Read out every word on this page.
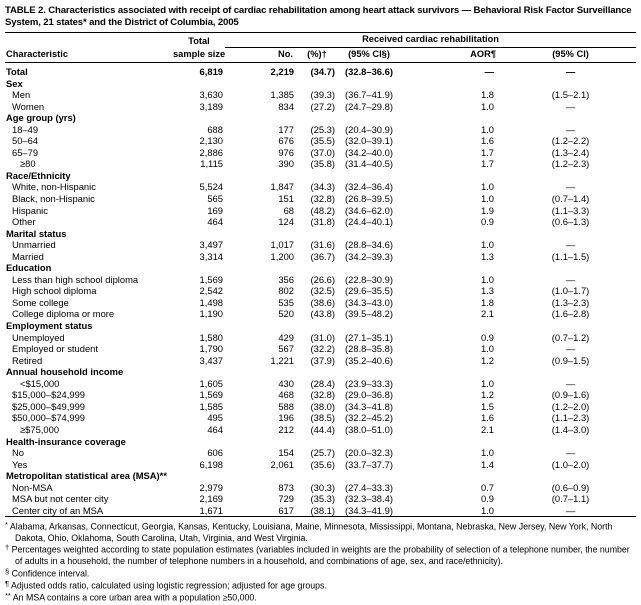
TABLE 2. Characteristics associated with receipt of cardiac rehabilitation among heart attack survivors — Behavioral Risk Factor Surveillance System, 21 states* and the District of Columbia, 2005
	Total	Received cardiac rehabilitation				
Characteristic	sample size	No.	(%)†	(95% CI§)	AOR¶	(95% CI)
Total	6,819	2,219	(34.7)	(32.8–36.6)	—	—
Sex						
Men	3,630	1,385	(39.3)	(36.7–41.9)	1.8	(1.5–2.1)
Women	3,189	834	(27.2)	(24.7–29.8)	1.0	—
Age group (yrs)						
18–49	688	177	(25.3)	(20.4–30.9)	1.0	—
50–64	2,130	676	(35.5)	(32.0–39.1)	1.6	(1.2–2.2)
65–79	2,886	976	(37.0)	(34.2–40.0)	1.7	(1.3–2.4)
≥80	1,115	390	(35.8)	(31.4–40.5)	1.7	(1.2–2.3)
Race/Ethnicity						
White, non-Hispanic	5,524	1,847	(34.3)	(32.4–36.4)	1.0	—
Black, non-Hispanic	565	151	(32.8)	(26.8–39.5)	1.0	(0.7–1.4)
Hispanic	169	68	(48.2)	(34.6–62.0)	1.9	(1.1–3.3)
Other	464	124	(31.8)	(24.4–40.1)	0.9	(0.6–1.3)
Marital status						
Unmarried	3,497	1,017	(31.6)	(28.8–34.6)	1.0	—
Married	3,314	1,200	(36.7)	(34.2–39.3)	1.3	(1.1–1.5)
Education						
Less than high school diploma	1,569	356	(26.6)	(22.8–30.9)	1.0	—
High school diploma	2,542	802	(32.5)	(29.6–35.5)	1.3	(1.0–1.7)
Some college	1,498	535	(38.6)	(34.3–43.0)	1.8	(1.3–2.3)
College diploma or more	1,190	520	(43.8)	(39.5–48.2)	2.1	(1.6–2.8)
Employment status						
Unemployed	1,580	429	(31.0)	(27.1–35.1)	0.9	(0.7–1.2)
Employed or student	1,790	567	(32.2)	(28.8–35.8)	1.0	—
Retired	3,437	1,221	(37.9)	(35.2–40.6)	1.2	(0.9–1.5)
Annual household income						
<$15,000	1,605	430	(28.4)	(23.9–33.3)	1.0	—
$15,000–$24,999	1,569	468	(32.8)	(29.0–36.8)	1.2	(0.9–1.6)
$25,000–$49,999	1,585	588	(38.0)	(34.3–41.8)	1.5	(1.2–2.0)
$50,000–$74,999	495	196	(38.5)	(32.2–45.2)	1.6	(1.1–2.3)
≥$75,000	464	212	(44.4)	(38.0–51.0)	2.1	(1.4–3.0)
Health-insurance coverage						
No	606	154	(25.7)	(20.0–32.3)	1.0	—
Yes	6,198	2,061	(35.6)	(33.7–37.7)	1.4	(1.0–2.0)
Metropolitan statistical area (MSA)**						
Non-MSA	2,979	873	(30.3)	(27.4–33.3)	0.7	(0.6–0.9)
MSA but not center city	2,169	729	(35.3)	(32.3–38.4)	0.9	(0.7–1.1)
Center city of an MSA	1,671	617	(38.1)	(34.3–41.9)	1.0	—

* Alabama, Arkansas, Connecticut, Georgia, Kansas, Kentucky, Louisiana, Maine, Minnesota, Mississippi, Montana, Nebraska, New Jersey, New York, North Dakota, Ohio, Oklahoma, South Carolina, Utah, Virginia, and West Virginia.

† Percentages weighted according to state population estimates (variables included in weights are the probability of selection of a telephone number, the number of adults in a household, the number of telephone numbers in a household, and combinations of age, sex, and race/ethnicity).

§ Confidence interval.

¶ Adjusted odds ratio, calculated using logistic regression; adjusted for age groups.

** An MSA contains a core urban area with a population ≥50,000.
